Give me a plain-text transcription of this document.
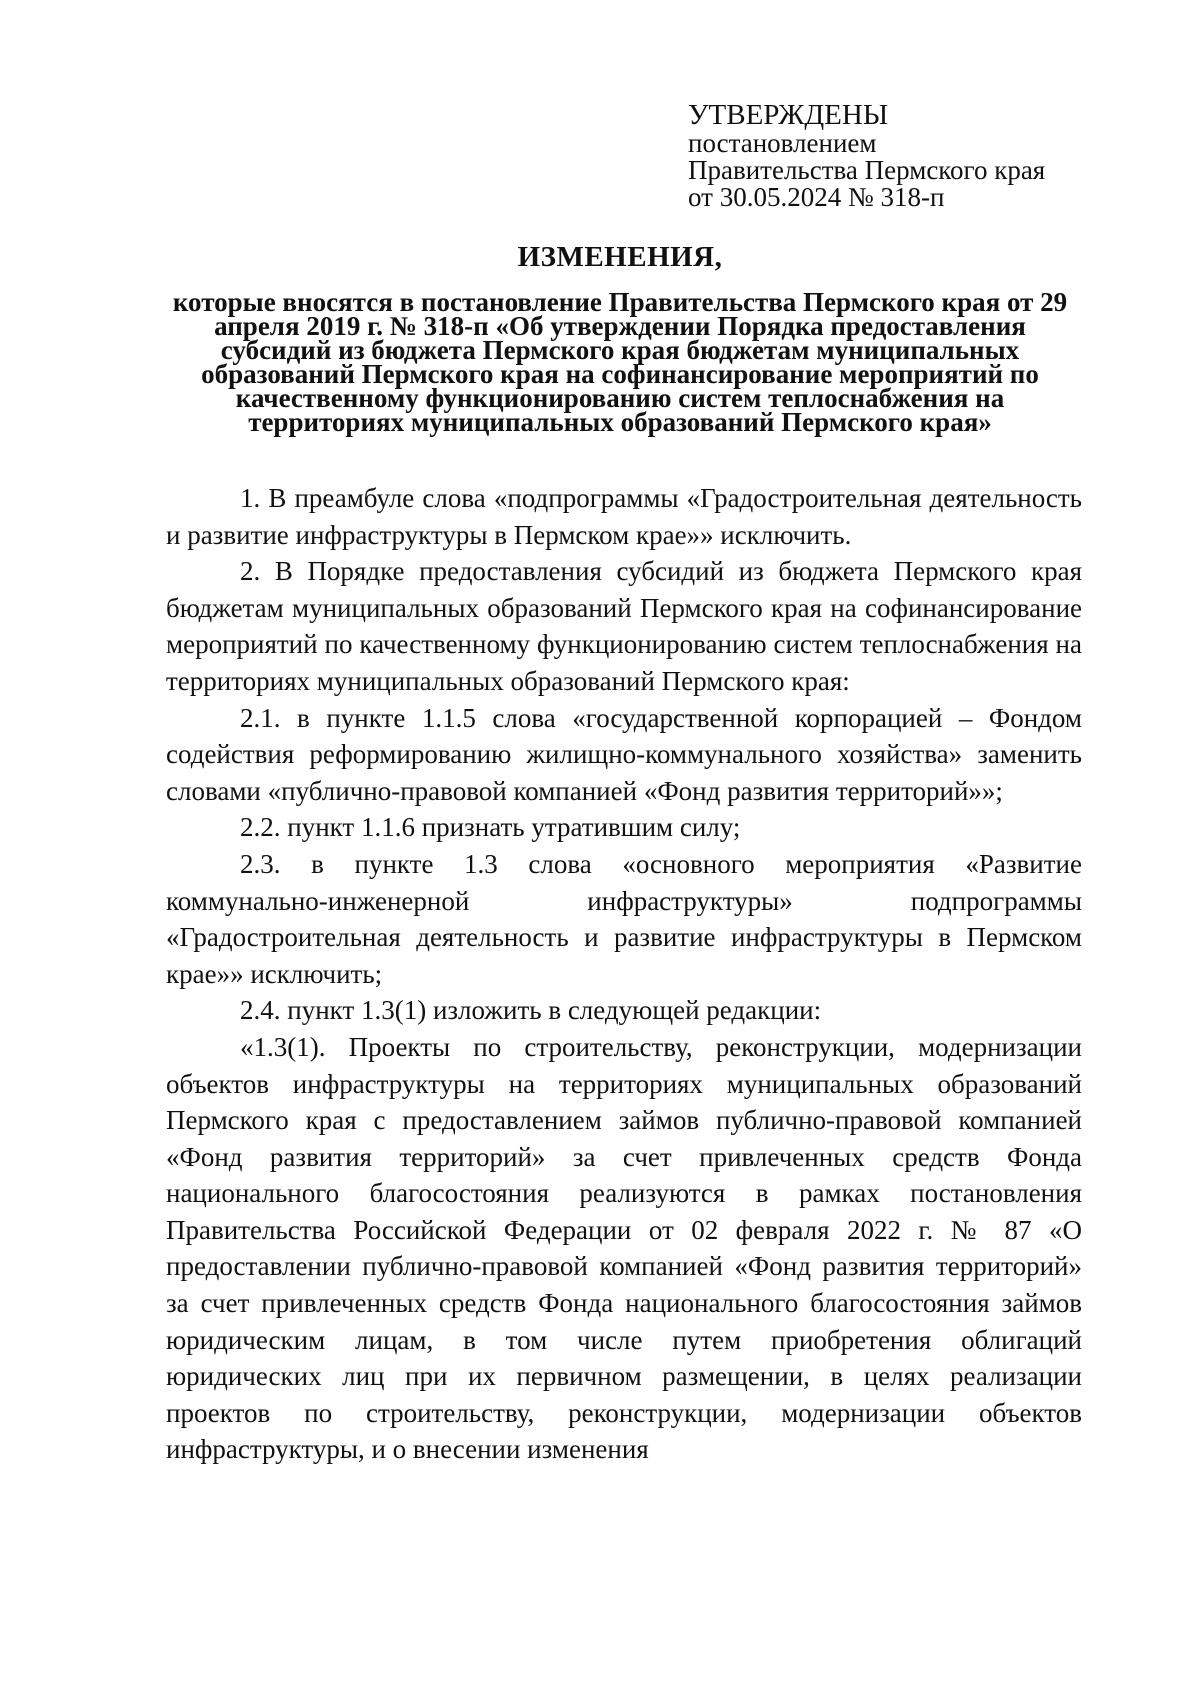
УТВЕРЖДЕНЫ

постановлением

Правительства Пермского края

от 30.05.2024 № 318-п

ИЗМЕНЕНИЯ,

которые вносятся в постановление Правительства Пермского края от 29 апреля 2019 г. № 318-п «Об утверждении Порядка предоставления субсидий из бюджета Пермского края бюджетам муниципальных образований Пермского края на софинансирование мероприятий по качественному функционированию систем теплоснабжения на территориях муниципальных образований Пермского края»

1. В преамбуле слова «подпрограммы «Градостроительная деятельность и развитие инфраструктуры в Пермском крае»» исключить.

2. В Порядке предоставления субсидий из бюджета Пермского края бюджетам муниципальных образований Пермского края на софинансирование мероприятий по качественному функционированию систем теплоснабжения на территориях муниципальных образований Пермского края:

2.1. в пункте 1.1.5 слова «государственной корпорацией – Фондом содействия реформированию жилищно-коммунального хозяйства» заменить словами «публично-правовой компанией «Фонд развития территорий»»;

2.2. пункт 1.1.6 признать утратившим силу;

2.3. в пункте 1.3 слова «основного мероприятия «Развитие коммунально-инженерной инфраструктуры» подпрограммы «Градостроительная деятельность и развитие инфраструктуры в Пермском крае»» исключить;

2.4. пункт 1.3(1) изложить в следующей редакции:

«1.3(1). Проекты по строительству, реконструкции, модернизации объектов инфраструктуры на территориях муниципальных образований Пермского края с предоставлением займов публично-правовой компанией «Фонд развития территорий» за счет привлеченных средств Фонда национального благосостояния реализуются в рамках постановления Правительства Российской Федерации от 02 февраля 2022 г. № 87 «О предоставлении публично-правовой компанией «Фонд развития территорий» за счет привлеченных средств Фонда национального благосостояния займов юридическим лицам, в том числе путем приобретения облигаций юридических лиц при их первичном размещении, в целях реализации проектов по строительству, реконструкции, модернизации объектов инфраструктуры, и о внесении изменения
